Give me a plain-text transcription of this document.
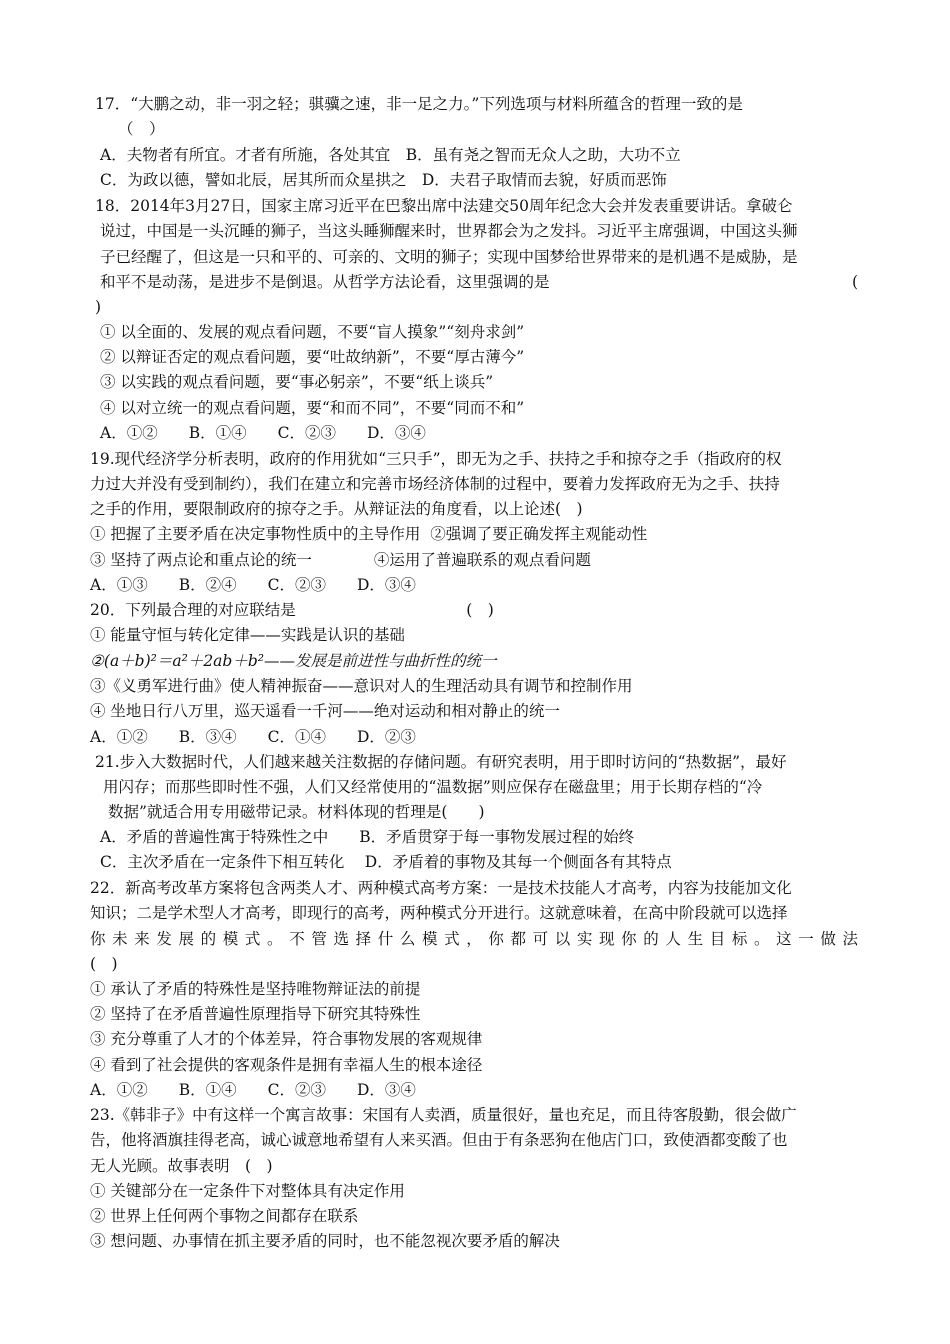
17．“大鹏之动，非一羽之轻；骐骥之速，非一足之力。”下列选项与材料所蕴含的哲理一致的是
（　）
A．夫物者有所宜。才者有所施，各处其宜　B．虽有尧之智而无众人之助，大功不立
C．为政以德，譬如北辰，居其所而众星拱之　D．夫君子取情而去貌，好质而恶饰
18．2014年3月27日，国家主席习近平在巴黎出席中法建交50周年纪念大会并发表重要讲话。拿破仑
说过，中国是一头沉睡的狮子，当这头睡狮醒来时，世界都会为之发抖。习近平主席强调，中国这头狮
子已经醒了，但这是一只和平的、可亲的、文明的狮子；实现中国梦给世界带来的是机遇不是威胁，是
和平不是动荡，是进步不是倒退。从哲学方法论看，这里强调的是	(
)
① 以全面的、发展的观点看问题，不要“盲人摸象”“刻舟求剑”
② 以辩证否定的观点看问题，要“吐故纳新”，不要“厚古薄今”
③ 以实践的观点看问题，要“事必躬亲”，不要“纸上谈兵”
④ 以对立统一的观点看问题，要“和而不同”，不要“同而不和”
A．①②　　B．①④　　C．②③　　D．③④
19.现代经济学分析表明，政府的作用犹如“三只手”，即无为之手、扶持之手和掠夺之手（指政府的权
力过大并没有受到制约），我们在建立和完善市场经济体制的过程中，要着力发挥政府无为之手、扶持
之手的作用，要限制政府的掠夺之手。从辩证法的角度看，以上论述(　)
① 把握了主要矛盾在决定事物性质中的主导作用  ②强调了要正确发挥主观能动性
③ 坚持了两点论和重点论的统一　　　　④运用了普遍联系的观点看问题
A．①③　　B．②④　　C．②③　　D．③④
20．下列最合理的对应联结是　　　　　　　　　　　(　)
① 能量守恒与转化定律——实践是认识的基础
②(a＋b)²＝a²＋2ab＋b²——发展是前进性与曲折性的统一
③《义勇军进行曲》使人精神振奋——意识对人的生理活动具有调节和控制作用
④ 坐地日行八万里，巡天遥看一千河——绝对运动和相对静止的统一
A．①②　　B．③④　　C．①④　　D．②③
21.步入大数据时代，人们越来越关注数据的存储问题。有研究表明，用于即时访问的“热数据”，最好
用闪存；而那些即时性不强，人们又经常使用的“温数据”则应保存在磁盘里；用于长期存档的“冷
数据”就适合用专用磁带记录。材料体现的哲理是(　　)
A．矛盾的普遍性寓于特殊性之中　　B．矛盾贯穿于每一事物发展过程的始终
C．主次矛盾在一定条件下相互转化　 D．矛盾着的事物及其每一个侧面各有其特点
22．新高考改革方案将包含两类人才、两种模式高考方案：一是技术技能人才高考，内容为技能加文化
知识；二是学术型人才高考，即现行的高考，两种模式分开进行。这就意味着，在高中阶段就可以选择
你未来发展的模式。不管选择什么模式，你都可以实现你的人生目标。这一做法
(　)
① 承认了矛盾的特殊性是坚持唯物辩证法的前提
② 坚持了在矛盾普遍性原理指导下研究其特殊性
③ 充分尊重了人才的个体差异，符合事物发展的客观规律
④ 看到了社会提供的客观条件是拥有幸福人生的根本途径
A．①②　　B．①④　　C．②③　　D．③④
23.《韩非子》中有这样一个寓言故事：宋国有人卖酒，质量很好，量也充足，而且待客殷勤，很会做广
告，他将酒旗挂得老高，诚心诚意地希望有人来买酒。但由于有条恶狗在他店门口，致使酒都变酸了也
无人光顾。故事表明　(　)
① 关键部分在一定条件下对整体具有决定作用
② 世界上任何两个事物之间都存在联系
③ 想问题、办事情在抓主要矛盾的同时，也不能忽视次要矛盾的解决
